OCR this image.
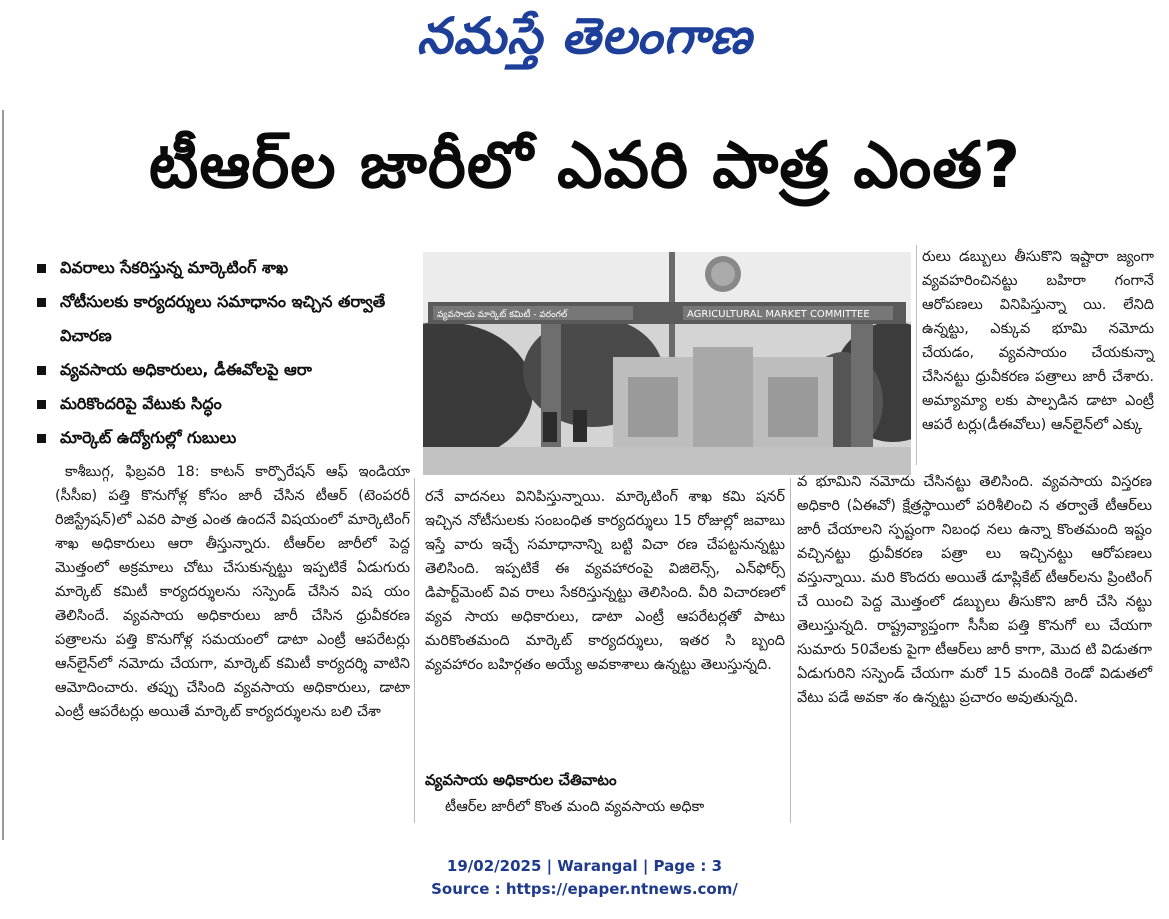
నమస్తే తెలంగాణ
టీఆర్‌ల జారీలో ఎవరి పాత్ర ఎంత?
వివరాలు సేకరిస్తున్న మార్కెటింగ్‌ శాఖ
నోటీసులకు కార్యదర్శులు సమాధానం ఇచ్చిన తర్వాతే విచారణ
వ్యవసాయ అధికారులు, డీఈవోలపై ఆరా
మరికొందరిపై వేటుకు సిద్ధం
మార్కెట్‌ ఉద్యోగుల్లో గుబులు
వ్యవసాయ మార్కెట్ కమిటీ - వరంగల్	AGRICULTURAL MARKET COMMITTEE

రులు డబ్బులు తీసుకొని ఇష్టారా జ్యంగా వ్యవహరించినట్టు బహిరా గంగానే ఆరోపణలు వినిపిస్తున్నా యి. లేనిది ఉన్నట్టు, ఎక్కువ భూమి నమోదు చేయడం, వ్యవసాయం చేయకున్నా చేసినట్టు ధ్రువీకరణ పత్రాలు జారీ చేశారు. అమ్యామ్యా లకు పాల్పడిన డాటా ఎంట్రీ ఆపరే టర్లు(డీఈవోలు) ఆన్‌లైన్‌లో ఎక్కు

కాశీబుగ్గ, ఫిబ్రవరి 18: కాటన్‌ కార్పొరేషన్‌ ఆఫ్‌ ఇండియా (సీసీఐ) పత్తి కొనుగోళ్ల కోసం జారీ చేసిన టీఆర్‌ (టెంపరరీ రిజిస్ట్రేషన్‌)లో ఎవరి పాత్ర ఎంత ఉందనే విషయంలో మార్కెటింగ్‌ శాఖ అధికారులు ఆరా తీస్తున్నారు. టీఆర్‌ల జారీలో పెద్ద మొత్తంలో అక్రమాలు చోటు చేసుకున్నట్టు ఇప్పటికే ఏడుగురు మార్కెట్‌ కమిటీ కార్యదర్శులను సస్పెండ్‌ చేసిన విష యం తెలిసిందే. వ్యవసాయ అధికారులు జారీ చేసిన ధ్రువీకరణ పత్రాలను పత్తి కొనుగోళ్ల సమయంలో డాటా ఎంట్రీ ఆపరేటర్లు ఆన్‌లైన్‌లో నమోదు చేయగా, మార్కెట్‌ కమిటీ కార్యదర్శి వాటిని ఆమోదించారు. తప్పు చేసింది వ్యవసాయ అధికారులు, డాటా ఎంట్రీ ఆపరేటర్లు అయితే మార్కెట్‌ కార్యదర్శులను బలి చేశా

రనే వాదనలు వినిపిస్తున్నాయి. మార్కెటింగ్‌ శాఖ కమి షనర్‌ ఇచ్చిన నోటీసులకు సంబంధిత కార్యదర్శులు 15 రోజుల్లో జవాబు ఇస్తే వారు ఇచ్చే సమాధానాన్ని బట్టి విచా రణ చేపట్టనున్నట్టు తెలిసింది. ఇప్పటికే ఈ వ్యవహారంపై విజిలెన్స్‌, ఎన్‌ఫోర్స్‌ డిపార్ట్‌మెంట్‌ వివ రాలు సేకరిస్తున్నట్టు తెలిసింది. వీరి విచారణలో వ్యవ సాయ అధికారులు, డాటా ఎంట్రీ ఆపరేటర్లతో పాటు మరికొంతమంది మార్కెట్‌ కార్యదర్శులు, ఇతర సి బ్బంది వ్యవహారం బహిర్గతం అయ్యే అవకాశాలు ఉన్నట్టు తెలుస్తున్నది.

వ్యవసాయ అధికారుల చేతివాటం

టీఆర్‌ల జారీలో కొంత మంది వ్యవసాయ అధికా

వ భూమిని నమోదు చేసినట్టు తెలిసింది. వ్యవసాయ విస్తరణ అధికారి (ఏఈవో) క్షేత్రస్థాయిలో పరిశీలించి న తర్వాతే టీఆర్‌లు జారీ చేయాలని స్పష్టంగా నిబంధ నలు ఉన్నా కొంతమంది ఇష్టం వచ్చినట్టు ధ్రువీకరణ పత్రా లు ఇచ్చినట్టు ఆరోపణలు వస్తున్నాయి. మరి కొందరు అయితే డూప్లికేట్‌ టీఆర్‌లను ప్రింటింగ్‌ చే యించి పెద్ద మొత్తంలో డబ్బులు తీసుకొని జారీ చేసి నట్టు తెలుస్తున్నది. రాష్ట్రవ్యాప్తంగా సీసీఐ పత్తి కొనుగో లు చేయగా సుమారు 50వేలకు పైగా టీఆర్‌లు జారీ కాగా, మొద టి విడుతగా ఏడుగురిని సస్పెండ్‌ చేయగా మరో 15 మందికి రెండో విడుతలో వేటు పడే అవకా శం ఉన్నట్టు ప్రచారం అవుతున్నది.

19/02/2025 | Warangal | Page : 3
Source : https://epaper.ntnews.com/
